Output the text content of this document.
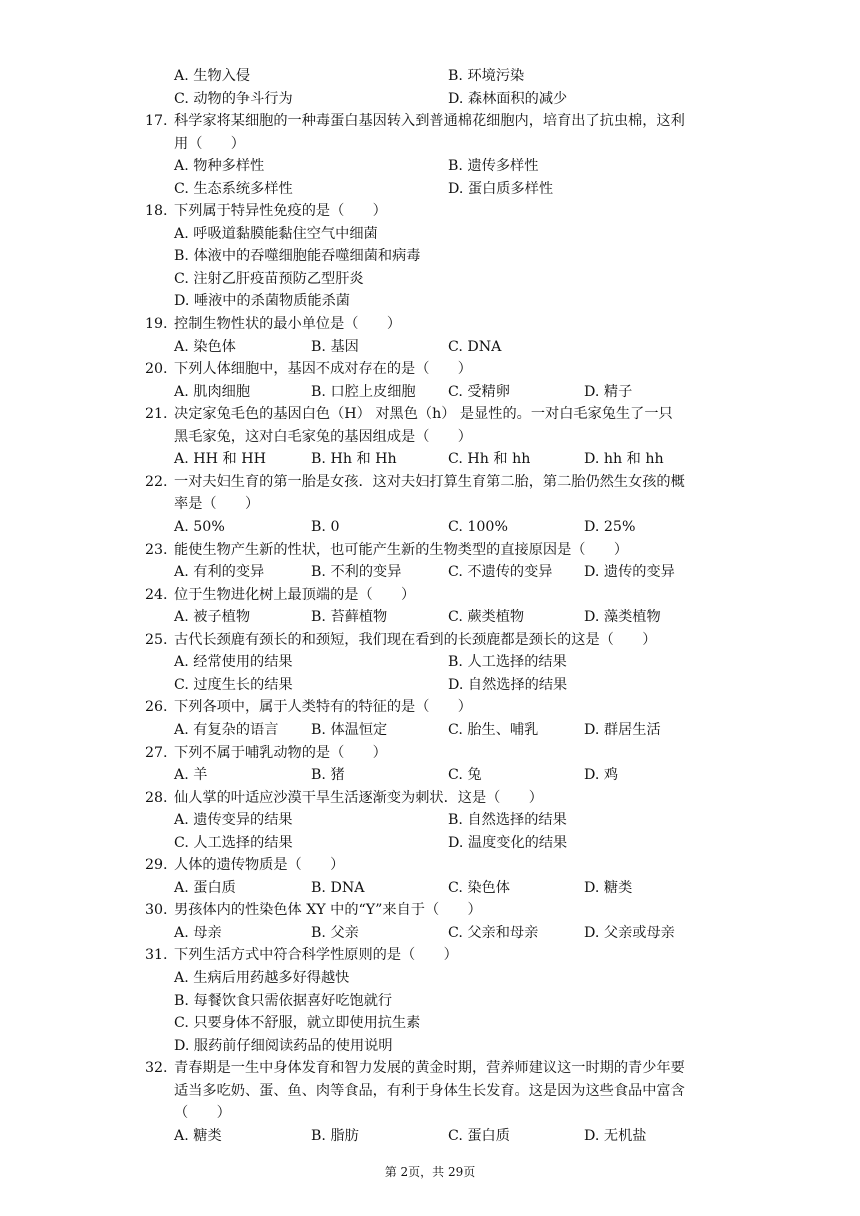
A. 生物入侵	B. 环境污染
C. 动物的争斗行为	D. 森林面积的减少
17. 科学家将某细胞的一种毒蛋白基因转入到普通棉花细胞内，培育出了抗虫棉，这利
用（　　）
A. 物种多样性	B. 遗传多样性
C. 生态系统多样性	D. 蛋白质多样性
18. 下列属于特异性免疫的是（　　）
A. 呼吸道黏膜能黏住空气中细菌
B. 体液中的吞噬细胞能吞噬细菌和病毒
C. 注射乙肝疫苗预防乙型肝炎
D. 唾液中的杀菌物质能杀菌
19. 控制生物性状的最小单位是（　　）
A. 染色体	B. 基因	C. DNA
20. 下列人体细胞中，基因不成对存在的是（　　）
A. 肌肉细胞	B. 口腔上皮细胞 C. 受精卵	D. 精子
21. 决定家兔毛色的基因白色（H） 对黑色（h） 是显性的。一对白毛家兔生了一只
黑毛家兔，这对白毛家兔的基因组成是（　　）
A. HH 和 HH	B. Hh 和 Hh	C. Hh 和 hh	D. hh 和 hh
22. 一对夫妇生育的第一胎是女孩．这对夫妇打算生育第二胎，第二胎仍然生女孩的概
率是（　　）
A. 50%	B. 0	C. 100%	D. 25%
23. 能使生物产生新的性状，也可能产生新的生物类型的直接原因是（　　）
A. 有利的变异	B. 不利的变异	C. 不遗传的变异 D. 遗传的变异
24. 位于生物进化树上最顶端的是（　　）
A. 被子植物	B. 苔藓植物	C. 蕨类植物	D. 藻类植物
25. 古代长颈鹿有颈长的和颈短，我们现在看到的长颈鹿都是颈长的这是（　　）
A. 经常使用的结果	B. 人工选择的结果
C. 过度生长的结果	D. 自然选择的结果
26. 下列各项中，属于人类特有的特征的是（　　）
A. 有复杂的语言 B. 体温恒定	C. 胎生、哺乳	D. 群居生活
27. 下列不属于哺乳动物的是（　　）
A. 羊	B. 猪	C. 兔	D. 鸡
28. 仙人掌的叶适应沙漠干旱生活逐渐变为刺状．这是（　　）
A. 遗传变异的结果	B. 自然选择的结果
C. 人工选择的结果	D. 温度变化的结果
29. 人体的遗传物质是（　　）
A. 蛋白质	B. DNA	C. 染色体	D. 糖类
30. 男孩体内的性染色体 XY 中的“Y”来自于（　　）
A. 母亲	B. 父亲	C. 父亲和母亲	D. 父亲或母亲
31. 下列生活方式中符合科学性原则的是（　　）
A. 生病后用药越多好得越快
B. 每餐饮食只需依据喜好吃饱就行
C. 只要身体不舒服，就立即使用抗生素
D. 服药前仔细阅读药品的使用说明
32. 青春期是一生中身体发育和智力发展的黄金时期，营养师建议这一时期的青少年要
适当多吃奶、蛋、鱼、肉等食品，有利于身体生长发育。这是因为这些食品中富含
（　　）
A. 糖类	B. 脂肪	C. 蛋白质	D. 无机盐
第 2页，共 29页
